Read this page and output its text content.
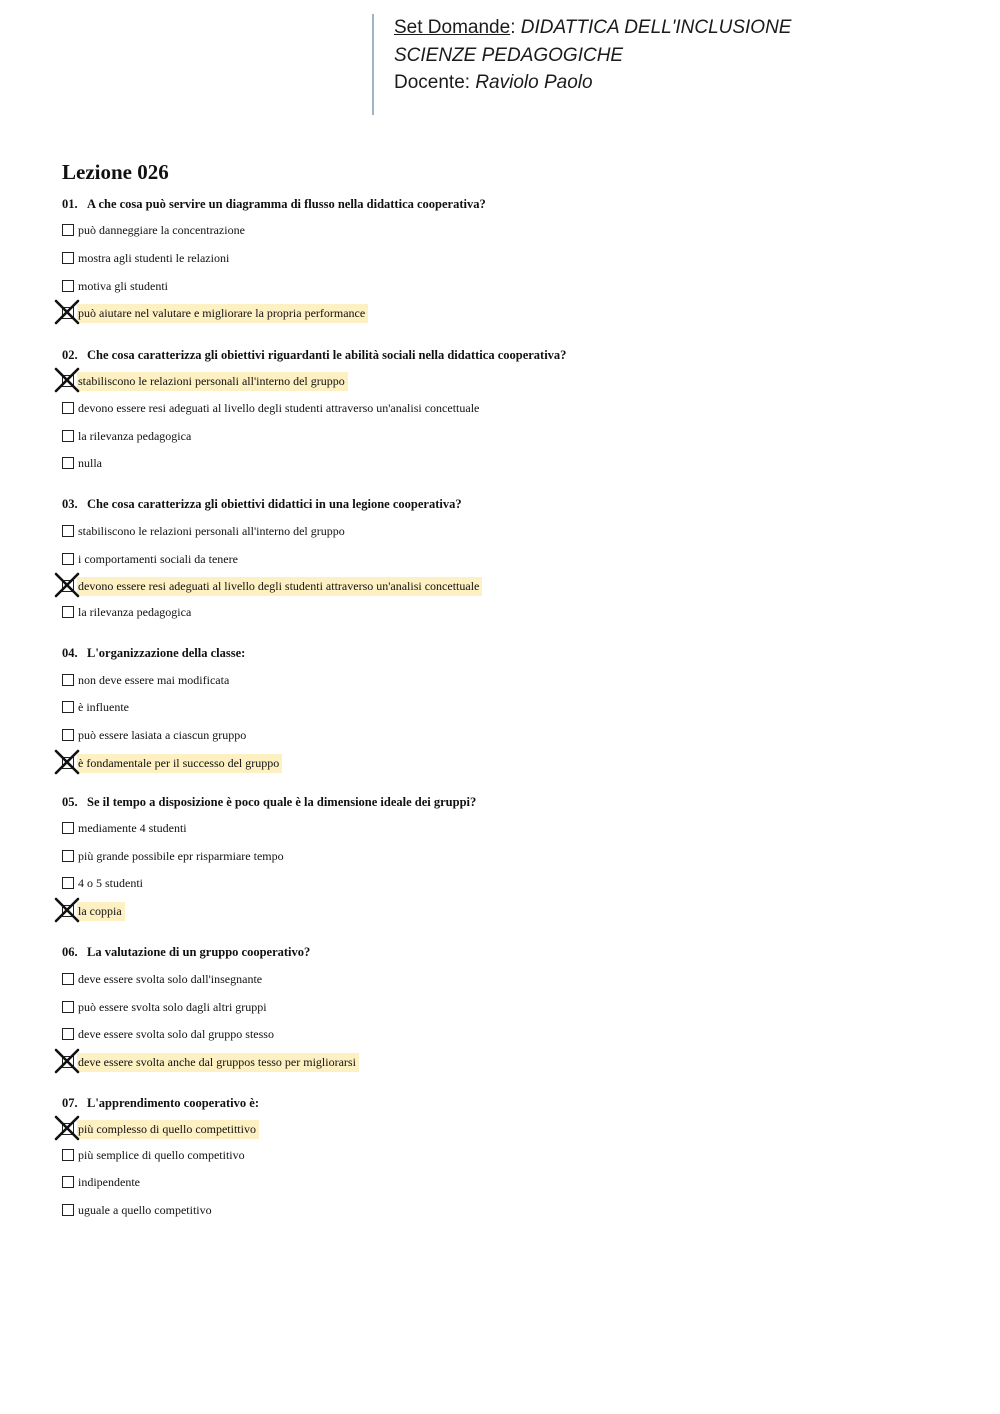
Set Domande: DIDATTICA DELL'INCLUSIONE

SCIENZE PEDAGOGICHE

Docente: Raviolo Paolo

Lezione 026
01. A che cosa può servire un diagramma di flusso nella didattica cooperativa?
può danneggiare la concentrazione
mostra agli studenti le relazioni
motiva gli studenti
può aiutare nel valutare e migliorare la propria performance
02. Che cosa caratterizza gli obiettivi riguardanti le abilità sociali nella didattica cooperativa?
stabiliscono le relazioni personali all'interno del gruppo
devono essere resi adeguati al livello degli studenti attraverso un'analisi concettuale
la rilevanza pedagogica
nulla
03. Che cosa caratterizza gli obiettivi didattici in una legione cooperativa?
stabiliscono le relazioni personali all'interno del gruppo
i comportamenti sociali da tenere
devono essere resi adeguati al livello degli studenti attraverso un'analisi concettuale
la rilevanza pedagogica
04. L'organizzazione della classe:
non deve essere mai modificata
è influente
può essere lasiata a ciascun gruppo
è fondamentale per il successo del gruppo
05. Se il tempo a disposizione è poco quale è la dimensione ideale dei gruppi?
mediamente 4 studenti
più grande possibile epr risparmiare tempo
4 o 5 studenti
la coppia
06. La valutazione di un gruppo cooperativo?
deve essere svolta solo dall'insegnante
può essere svolta solo dagli altri gruppi
deve essere svolta solo dal gruppo stesso
deve essere svolta anche dal gruppos tesso per migliorarsi
07. L'apprendimento cooperativo è:
più complesso di quello competittivo
più semplice di quello competitivo
indipendente
uguale a quello competitivo
